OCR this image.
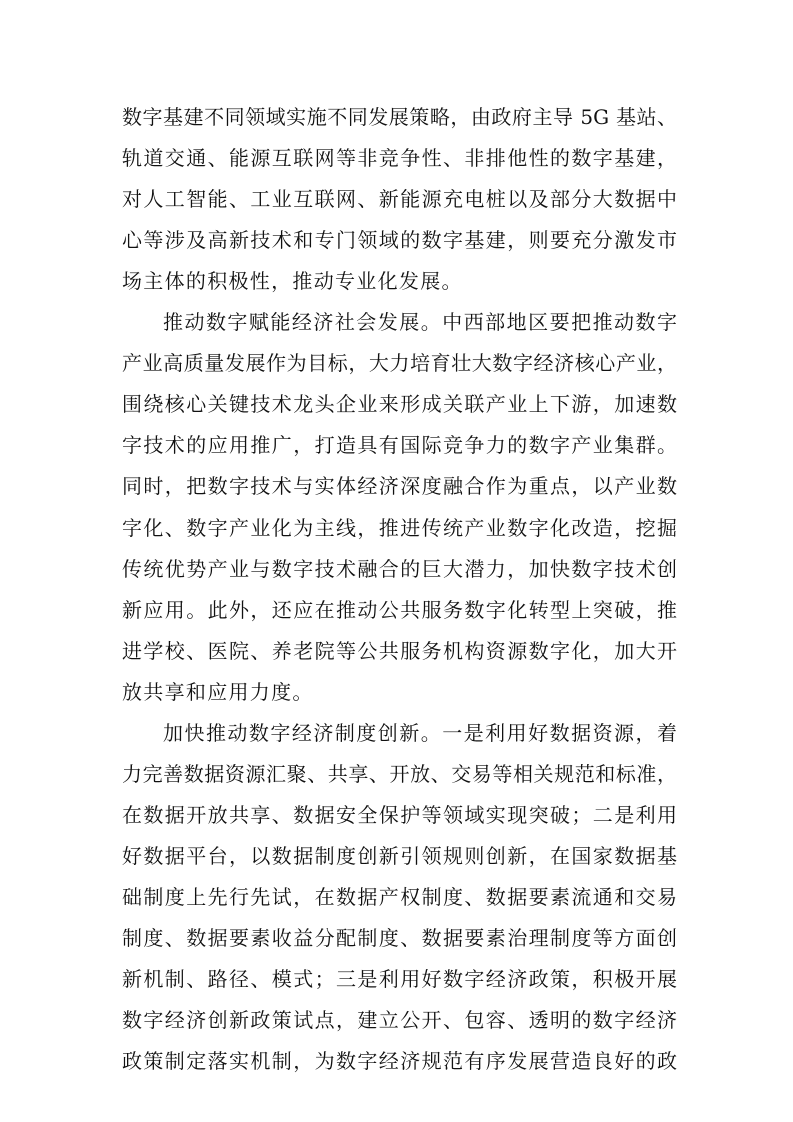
数字基建不同领域实施不同发展策略，由政府主导 5G 基站、
轨道交通、能源互联网等非竞争性、非排他性的数字基建，
对人工智能、工业互联网、新能源充电桩以及部分大数据中
心等涉及高新技术和专门领域的数字基建，则要充分激发市
场主体的积极性，推动专业化发展。
推动数字赋能经济社会发展。中西部地区要把推动数字
产业高质量发展作为目标，大力培育壮大数字经济核心产业，
围绕核心关键技术龙头企业来形成关联产业上下游，加速数
字技术的应用推广，打造具有国际竞争力的数字产业集群。
同时，把数字技术与实体经济深度融合作为重点，以产业数
字化、数字产业化为主线，推进传统产业数字化改造，挖掘
传统优势产业与数字技术融合的巨大潜力，加快数字技术创
新应用。此外，还应在推动公共服务数字化转型上突破，推
进学校、医院、养老院等公共服务机构资源数字化，加大开
放共享和应用力度。
加快推动数字经济制度创新。一是利用好数据资源，着
力完善数据资源汇聚、共享、开放、交易等相关规范和标准，
在数据开放共享、数据安全保护等领域实现突破；二是利用
好数据平台，以数据制度创新引领规则创新，在国家数据基
础制度上先行先试，在数据产权制度、数据要素流通和交易
制度、数据要素收益分配制度、数据要素治理制度等方面创
新机制、路径、模式；三是利用好数字经济政策，积极开展
数字经济创新政策试点，建立公开、包容、透明的数字经济
政策制定落实机制，为数字经济规范有序发展营造良好的政
